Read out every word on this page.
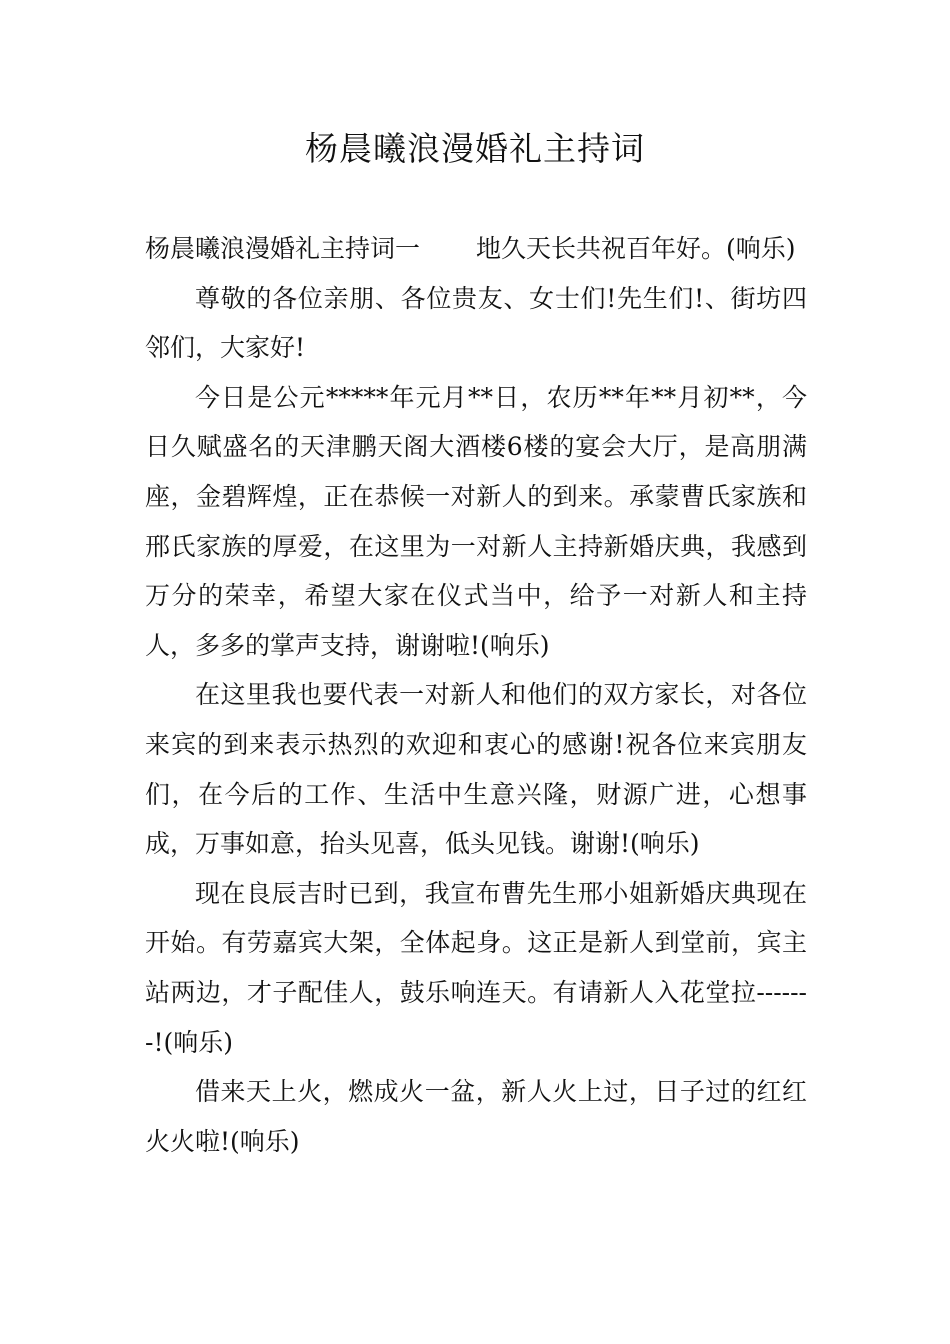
杨晨曦浪漫婚礼主持词

杨晨曦浪漫婚礼主持词一 地久天长共祝百年好。(响乐)

尊敬的各位亲朋、各位贵友、女士们!先生们!、街坊四邻们，大家好!

今日是公元*****年元月**日，农历**年**月初**，今日久赋盛名的天津鹏天阁大酒楼6楼的宴会大厅，是高朋满座，金碧辉煌，正在恭候一对新人的到来。承蒙曹氏家族和邢氏家族的厚爱，在这里为一对新人主持新婚庆典，我感到万分的荣幸，希望大家在仪式当中，给予一对新人和主持人，多多的掌声支持，谢谢啦!(响乐)

在这里我也要代表一对新人和他们的双方家长，对各位来宾的到来表示热烈的欢迎和衷心的感谢!祝各位来宾朋友们，在今后的工作、生活中生意兴隆，财源广进，心想事成，万事如意，抬头见喜，低头见钱。谢谢!(响乐)

现在良辰吉时已到，我宣布曹先生邢小姐新婚庆典现在开始。有劳嘉宾大架，全体起身。这正是新人到堂前，宾主站两边，才子配佳人，鼓乐响连天。有请新人入花堂拉-------!(响乐)

借来天上火，燃成火一盆，新人火上过，日子过的红红火火啦!(响乐)
